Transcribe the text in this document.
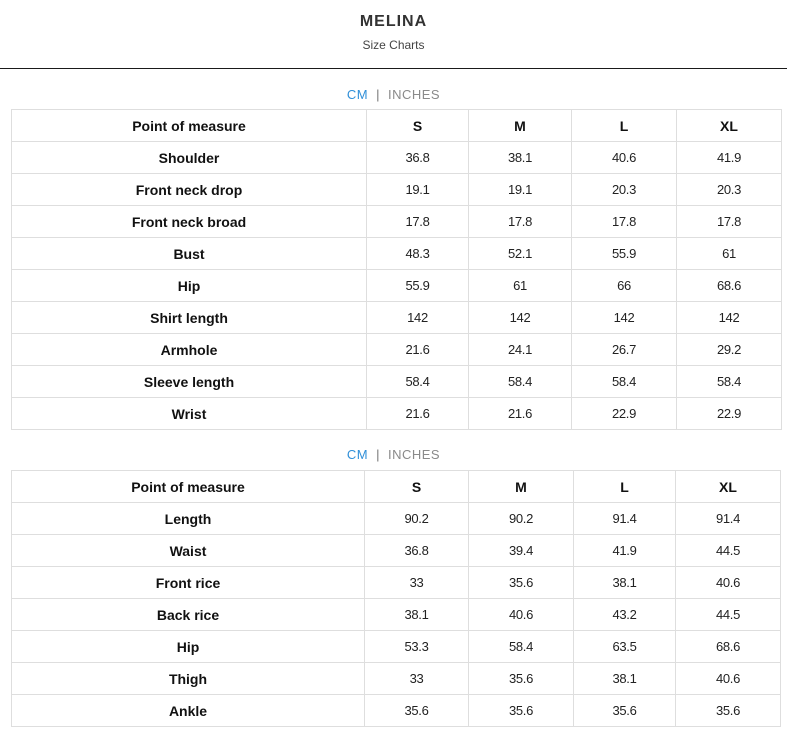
MELINA
Size Charts
CM | INCHES
Point of measure	S	M	L	XL
Shoulder	36.8	38.1	40.6	41.9
Front neck drop	19.1	19.1	20.3	20.3
Front neck broad	17.8	17.8	17.8	17.8
Bust	48.3	52.1	55.9	61
Hip	55.9	61	66	68.6
Shirt length	142	142	142	142
Armhole	21.6	24.1	26.7	29.2
Sleeve length	58.4	58.4	58.4	58.4
Wrist	21.6	21.6	22.9	22.9
CM | INCHES
Point of measure	S	M	L	XL
Length	90.2	90.2	91.4	91.4
Waist	36.8	39.4	41.9	44.5
Front rice	33	35.6	38.1	40.6
Back rice	38.1	40.6	43.2	44.5
Hip	53.3	58.4	63.5	68.6
Thigh	33	35.6	38.1	40.6
Ankle	35.6	35.6	35.6	35.6
